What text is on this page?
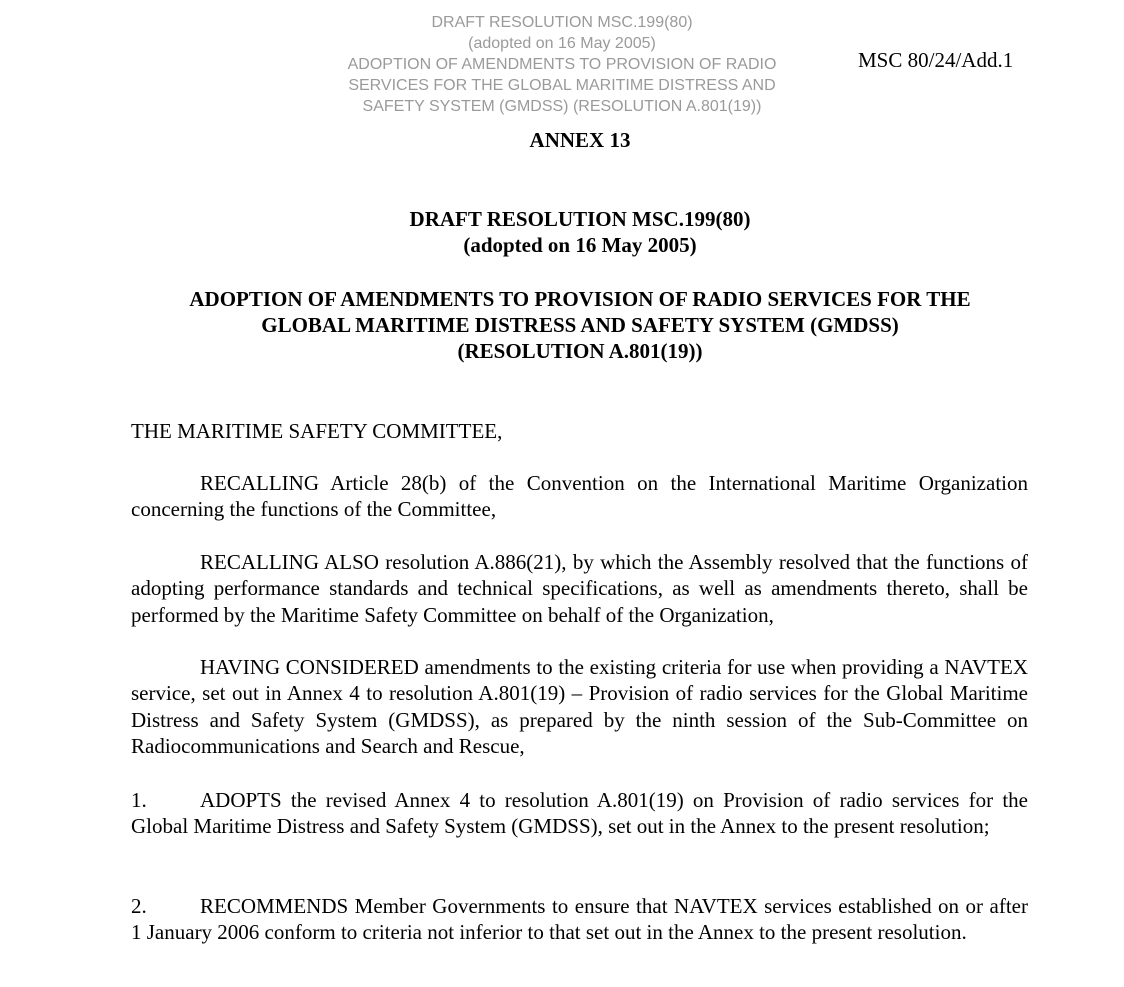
DRAFT RESOLUTION MSC.199(80)
(adopted on 16 May 2005)
ADOPTION OF AMENDMENTS TO PROVISION OF RADIO
SERVICES FOR THE GLOBAL MARITIME DISTRESS AND
SAFETY SYSTEM (GMDSS) (RESOLUTION A.801(19))
MSC 80/24/Add.1
ANNEX 13
DRAFT RESOLUTION MSC.199(80)
(adopted on 16 May 2005)
ADOPTION OF AMENDMENTS TO PROVISION OF RADIO SERVICES FOR THE
GLOBAL MARITIME DISTRESS AND SAFETY SYSTEM (GMDSS)
(RESOLUTION A.801(19))
THE MARITIME SAFETY COMMITTEE,
RECALLING Article 28(b) of the Convention on the International Maritime Organization concerning the functions of the Committee,
RECALLING ALSO resolution A.886(21), by which the Assembly resolved that the functions of adopting performance standards and technical specifications, as well as amendments thereto, shall be performed by the Maritime Safety Committee on behalf of the Organization,
HAVING CONSIDERED amendments to the existing criteria for use when providing a NAVTEX service, set out in Annex 4 to resolution A.801(19) – Provision of radio services for the Global Maritime Distress and Safety System (GMDSS), as prepared by the ninth session of the Sub-Committee on Radiocommunications and Search and Rescue,
1.	ADOPTS the revised Annex 4 to resolution A.801(19) on Provision of radio services for the Global Maritime Distress and Safety System (GMDSS), set out in the Annex to the present resolution;
2.	RECOMMENDS Member Governments to ensure that NAVTEX services established on or after 1 January 2006 conform to criteria not inferior to that set out in the Annex to the present resolution.
